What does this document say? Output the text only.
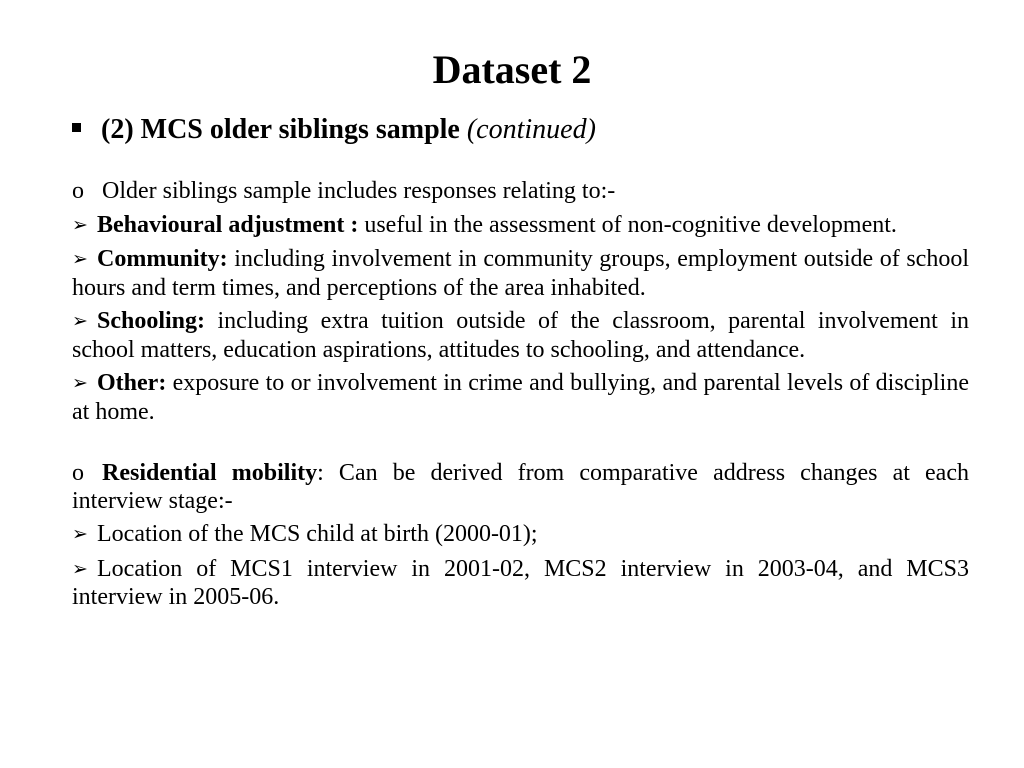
Dataset 2
(2) MCS older siblings sample (continued)

o Older siblings sample includes responses relating to:-

➢ Behavioural adjustment : useful in the assessment of non-cognitive development.

➢ Community: including involvement in community groups, employment outside of school hours and term times, and perceptions of the area inhabited.

➢ Schooling: including extra tuition outside of the classroom, parental involvement in school matters, education aspirations, attitudes to schooling, and attendance.

➢ Other: exposure to or involvement in crime and bullying, and parental levels of discipline at home.

o Residential mobility: Can be derived from comparative address changes at each interview stage:-

➢ Location of the MCS child at birth (2000-01);

➢ Location of MCS1 interview in 2001-02, MCS2 interview in 2003-04, and MCS3 interview in 2005-06.
